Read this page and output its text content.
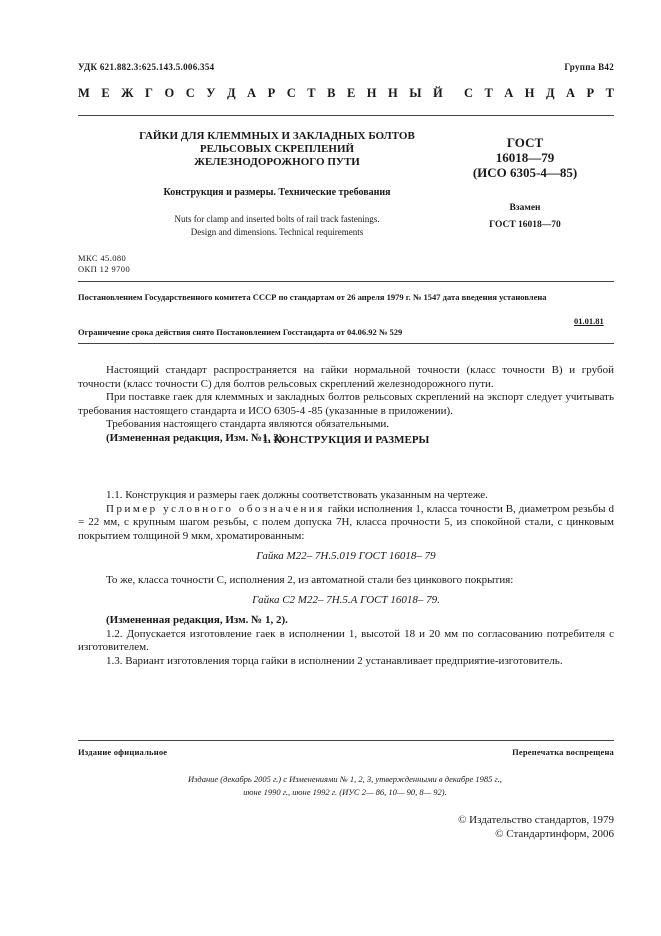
УДК 621.882.3:625.143.5.006.354	Группа В42
М Е Ж Г О С У Д А Р С Т В Е Н Н Ы Й С Т А Н Д А Р Т
ГАЙКИ ДЛЯ КЛЕММНЫХ И ЗАКЛАДНЫХ БОЛТОВ
РЕЛЬСОВЫХ СКРЕПЛЕНИЙ
ЖЕЛЕЗНОДОРОЖНОГО ПУТИ
Конструкция и размеры. Технические требования
Nuts for clamp and inserted bolts of rail track fastenings.
Design and dimensions. Technical requirements
ГОСТ
16018—79
(ИСО 6305-4—85)
Взамен
ГОСТ 16018—70
МКС 45.080
ОКП 12 9700
Постановлением Государственного комитета СССР по стандартам от 26 апреля 1979 г. № 1547 дата введения установлена
01.01.81
Ограничение срока действия снято Постановлением Госстандарта от 04.06.92 № 529

Настоящий стандарт распространяется на гайки нормальной точности (класс точности В) и грубой точности (класс точности С) для болтов рельсовых скреплений железнодорожного пути.

При поставке гаек для клеммных и закладных болтов рельсовых скреплений на экспорт следует учитывать требования настоящего стандарта и ИСО 6305-4 -85 (указанные в приложении).

Требования настоящего стандарта являются обязательными.

(Измененная редакция, Изм. №1, 3).

1. КОНСТРУКЦИЯ И РАЗМЕРЫ

1.1. Конструкция и размеры гаек должны соответствовать указанным на чертеже.

Пример условного обозначения гайки исполнения 1, класса точности В, диаметром резьбы d = 22 мм, с крупным шагом резьбы, с полем допуска 7Н, класса прочности 5, из спокойной стали, с цинковым покрытием толщиной 9 мкм, хроматированным:

Гайка М22– 7Н.5.019 ГОСТ 16018– 79

То же, класса точности С, исполнения 2, из автоматной стали без цинкового покрытия:

Гайка С2 М22– 7Н.5.А ГОСТ 16018– 79.

(Измененная редакция, Изм. № 1, 2).

1.2. Допускается изготовление гаек в исполнении 1, высотой 18 и 20 мм по согласованию потребителя с изготовителем.

1.3. Вариант изготовления торца гайки в исполнении 2 устанавливает предприятие-изготовитель.

Издание официальное	Перепечатка воспрещена
Издание (декабрь 2005 г.) с Изменениями № 1, 2, 3, утвержденными в декабре 1985 г.,
июне 1990 г., июне 1992 г. (ИУС 2— 86, 10— 90, 8— 92).
© Издательство стандартов, 1979
© Стандартинформ, 2006
